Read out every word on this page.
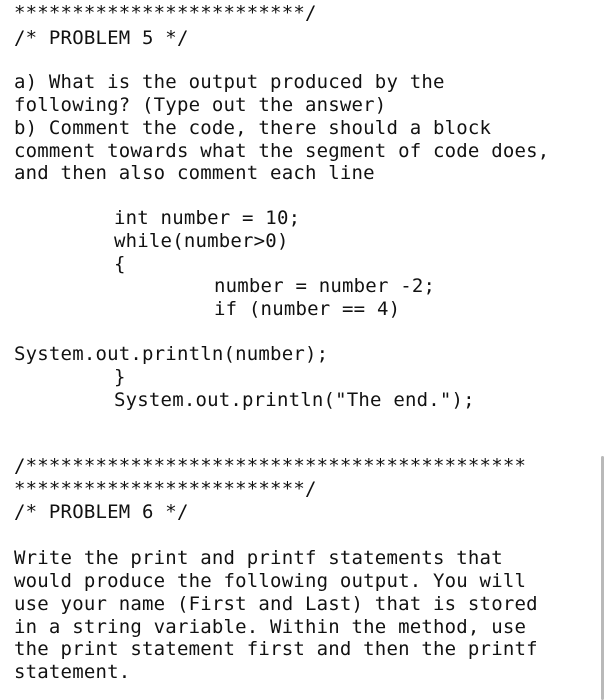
*************************/
/* PROBLEM 5 */
a) What is the output produced by the
following? (Type out the answer)
b) Comment the code, there should a block
comment towards what the segment of code does,
and then also comment each line
int number = 10;
while(number>0)
{
number = number -2;
if (number == 4)
System.out.println(number);
}
System.out.println("The end.");
/*******************************************
*************************/
/* PROBLEM 6 */
Write the print and printf statements that
would produce the following output. You will
use your name (First and Last) that is stored
in a string variable. Within the method, use
the print statement first and then the printf
statement.
